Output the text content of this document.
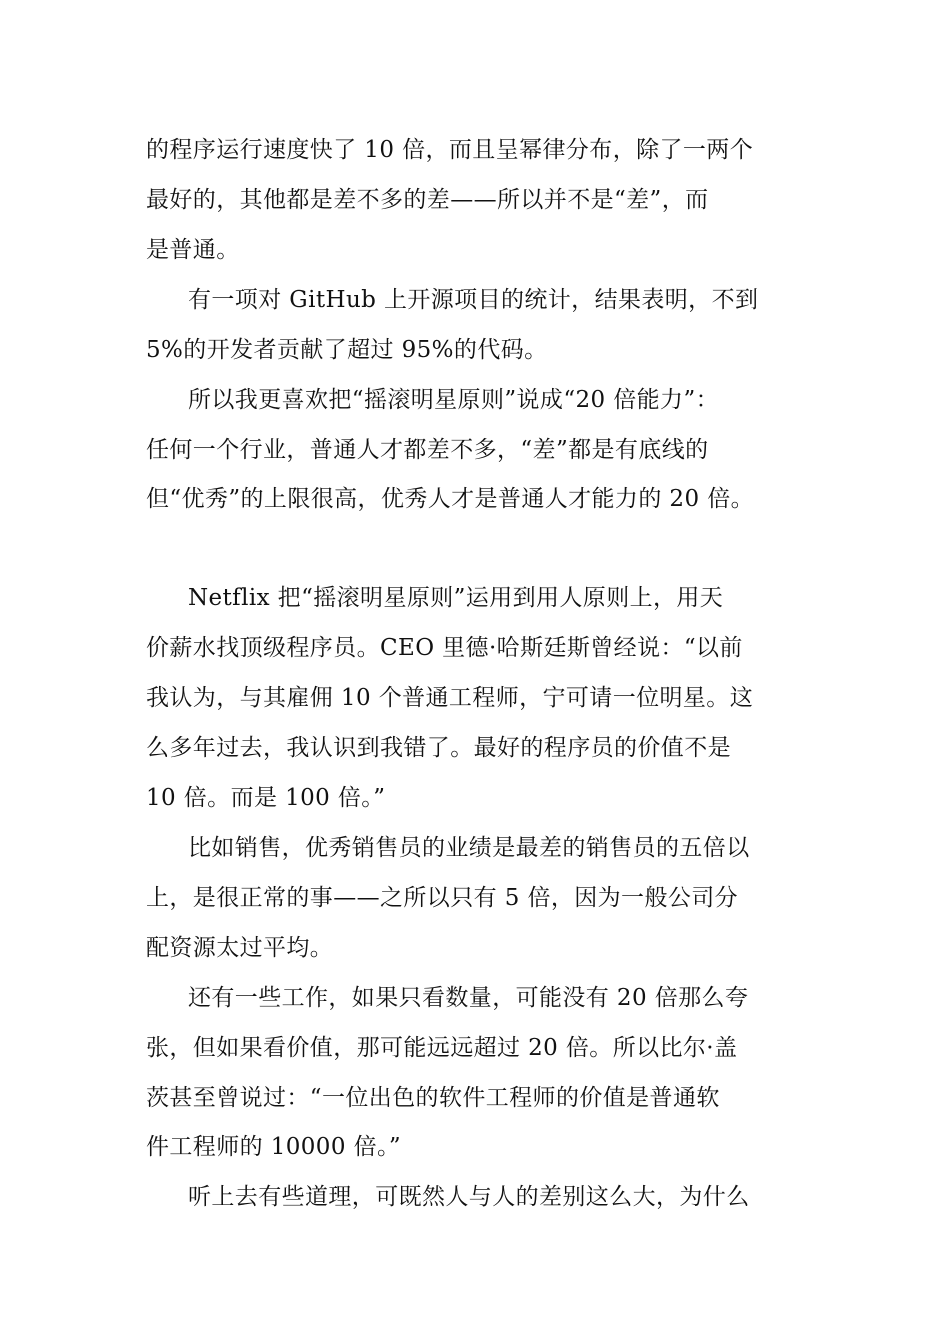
的程序运行速度快了 10 倍，而且呈幂律分布，除了一两个
最好的，其他都是差不多的差——所以并不是“差”，而
是普通。
有一项对 GitHub 上开源项目的统计，结果表明，不到
5%的开发者贡献了超过 95%的代码。
所以我更喜欢把“摇滚明星原则”说成“20 倍能力”：
任何一个行业，普通人才都差不多，“差”都是有底线的
但“优秀”的上限很高，优秀人才是普通人才能力的 20 倍。
Netflix 把“摇滚明星原则”运用到用人原则上，用天
价薪水找顶级程序员。CEO 里德·哈斯廷斯曾经说：“以前
我认为，与其雇佣 10 个普通工程师，宁可请一位明星。这
么多年过去，我认识到我错了。最好的程序员的价值不是
10 倍。而是 100 倍。”
比如销售，优秀销售员的业绩是最差的销售员的五倍以
上，是很正常的事——之所以只有 5 倍，因为一般公司分
配资源太过平均。
还有一些工作，如果只看数量，可能没有 20 倍那么夸
张，但如果看价值，那可能远远超过 20 倍。所以比尔·盖
茨甚至曾说过：“一位出色的软件工程师的价值是普通软
件工程师的 10000 倍。”
听上去有些道理，可既然人与人的差别这么大，为什么
